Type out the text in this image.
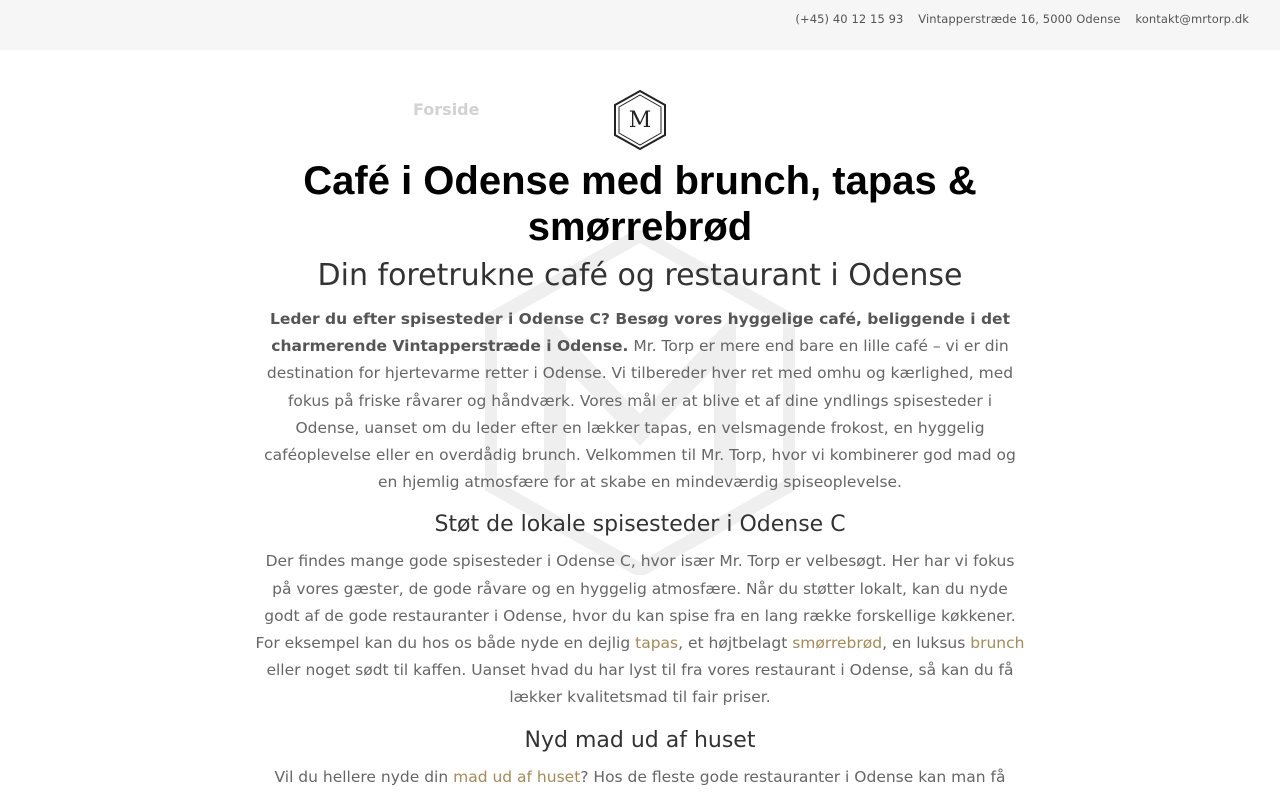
(+45) 40 12 15 93 Vintapperstræde 16, 5000 Odense kontakt@mrtorp.dk
Forside	M
Café i Odense med brunch, tapas & smørrebrød
Din foretrukne café og restaurant i Odense

Leder du efter spisesteder i Odense C? Besøg vores hyggelige café, beliggende i det charmerende Vintapperstræde i Odense. Mr. Torp er mere end bare en lille café – vi er din destination for hjertevarme retter i Odense. Vi tilbereder hver ret med omhu og kærlighed, med fokus på friske råvarer og håndværk. Vores mål er at blive et af dine yndlings spisesteder i Odense, uanset om du leder efter en lækker tapas, en velsmagende frokost, en hyggelig caféoplevelse eller en overdådig brunch. Velkommen til Mr. Torp, hvor vi kombinerer god mad og en hjemlig atmosfære for at skabe en mindeværdig spiseoplevelse.

Støt de lokale spisesteder i Odense C

Der findes mange gode spisesteder i Odense C, hvor især Mr. Torp er velbesøgt. Her har vi fokus på vores gæster, de gode råvare og en hyggelig atmosfære. Når du støtter lokalt, kan du nyde godt af de gode restauranter i Odense, hvor du kan spise fra en lang række forskellige køkkener. For eksempel kan du hos os både nyde en dejlig tapas, et højtbelagt smørrebrød, en luksus brunch eller noget sødt til kaffen. Uanset hvad du har lyst til fra vores restaurant i Odense, så kan du få lækker kvalitetsmad til fair priser.

Nyd mad ud af huset

Vil du hellere nyde din mad ud af huset? Hos de fleste gode restauranter i Odense kan man få
